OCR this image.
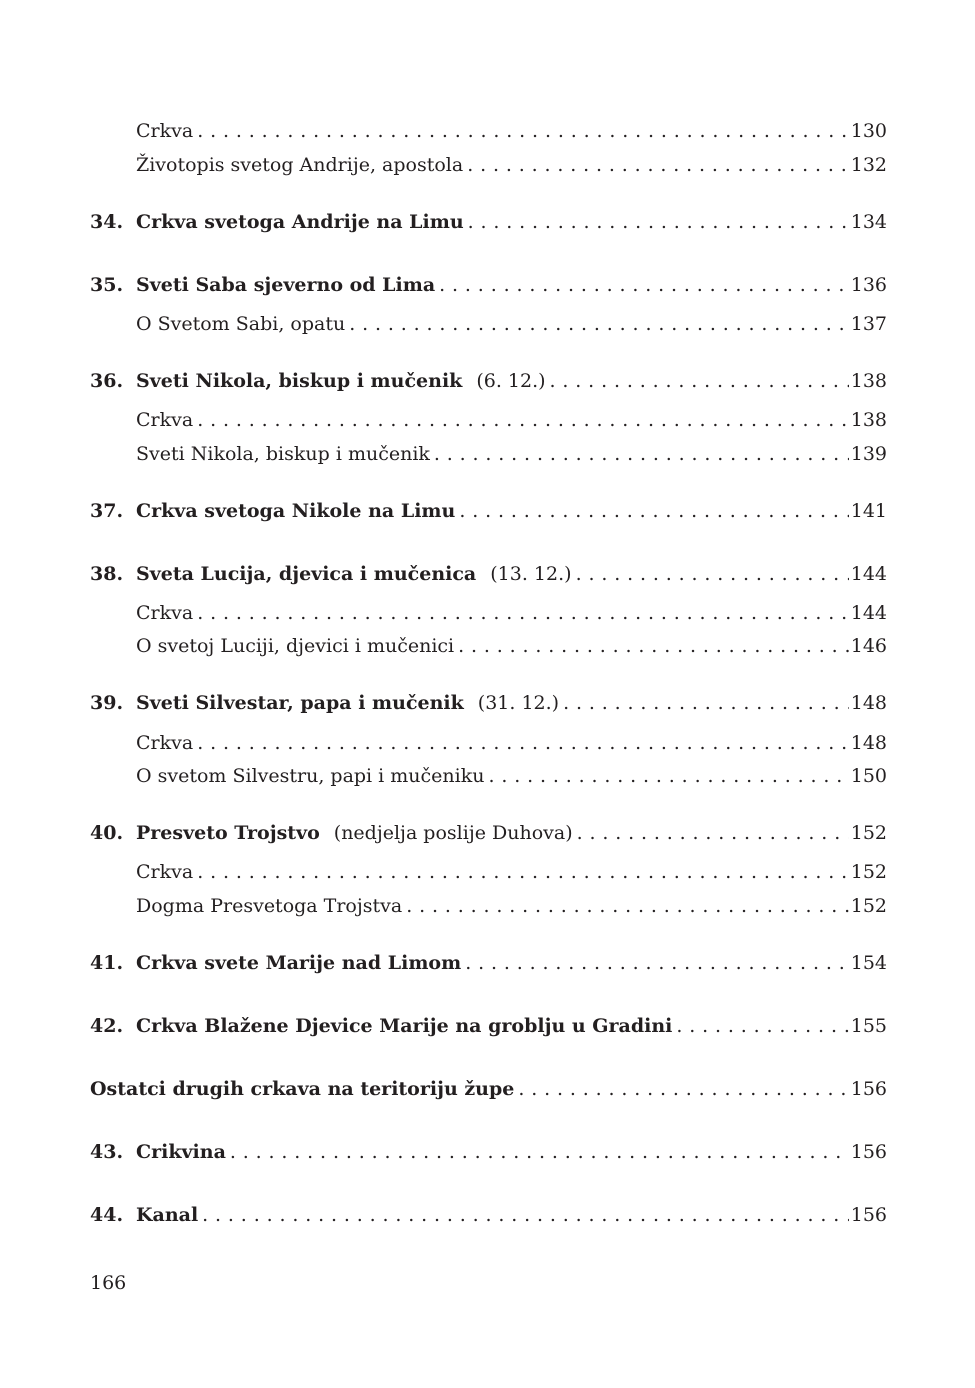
Crkva . . .	130
Životopis svetog Andrije, apostola . . .	132
34. Crkva svetoga Andrije na Limu . . .	134
35. Sveti Saba sjeverno od Lima . . .	136
O Svetom Sabi, opatu . . .	137
36. Sveti Nikola, biskup i mučenik (6. 12.) . . .	138
Crkva . . .	138
Sveti Nikola, biskup i mučenik . . .	139
37. Crkva svetoga Nikole na Limu . . .	141
38. Sveta Lucija, djevica i mučenica (13. 12.) . . .	144
Crkva . . .	144
O svetoj Luciji, djevici i mučenici . . .	146
39. Sveti Silvestar, papa i mučenik (31. 12.) . . .	148
Crkva . . .	148
O svetom Silvestru, papi i mučeniku . . .	150
40. Presveto Trojstvo (nedjelja poslije Duhova) . . .	152
Crkva . . .	152
Dogma Presvetoga Trojstva . . .	152
41. Crkva svete Marije nad Limom . . .	154
42. Crkva Blažene Djevice Marije na groblju u Gradini . . .	155
Ostatci drugih crkava na teritoriju župe . . .	156
43. Crikvina . . .	156
44. Kanal . . .	156
166
